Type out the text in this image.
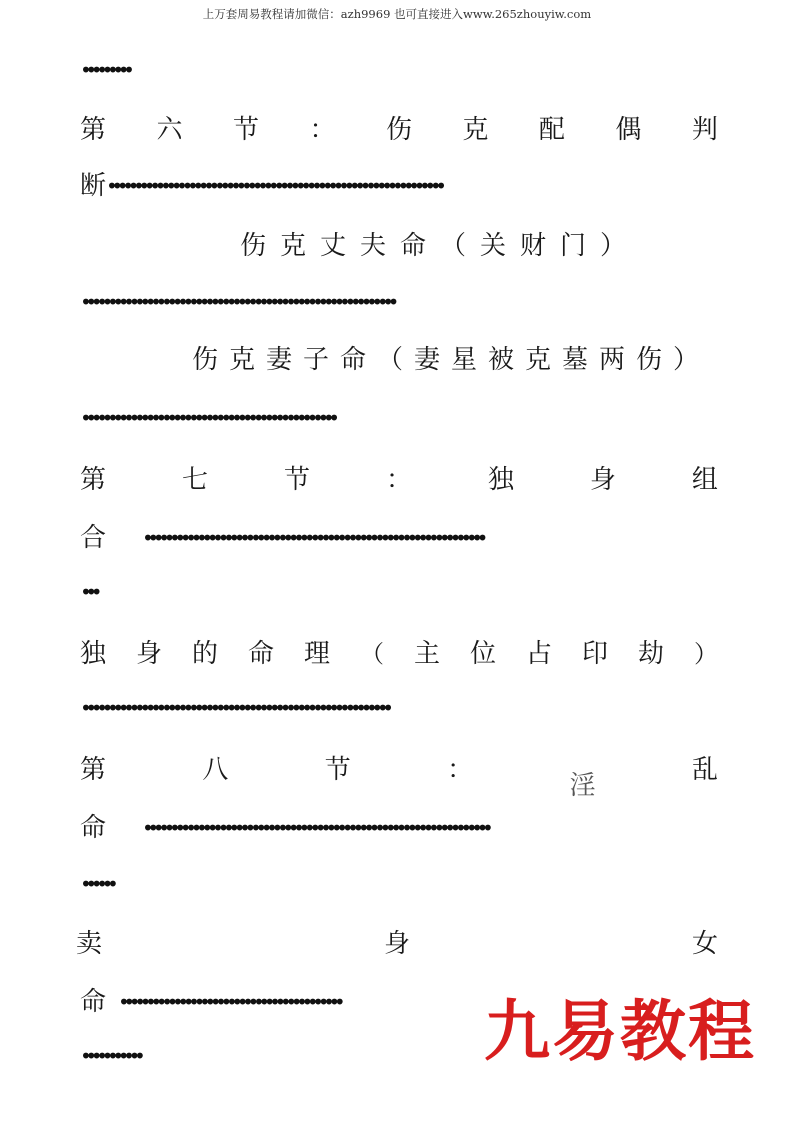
上万套周易教程请加微信：azh9969 也可直接进入www.265zhouyiw.com
•••••••••
第 六 节 ： 伤 克 配 偶 判
断 ••••••••••••••••••••••••••••••••••••••••••••••••••••••••••••••
伤克丈夫命（关财门）
••••••••••••••••••••••••••••••••••••••••••••••••••••••••••
伤克妻子命（妻星被克墓两伤）
•••••••••••••••••••••••••••••••••••••••••••••••
第	七	节	：	独	身	组
合 •••••••••••••••••••••••••••••••••••••••••••••••••••••••••••••••
•••
独 身 的 命 理 （ 主 位 占 印 劫 ）
•••••••••••••••••••••••••••••••••••••••••••••••••••••••••
第	八	节	：
淫
乱
命 ••••••••••••••••••••••••••••••••••••••••••••••••••••••••••••••••
••••••
卖	身	女
命 •••••••••••••••••••••••••••••••••••••••••
•••••••••••	九易教程
